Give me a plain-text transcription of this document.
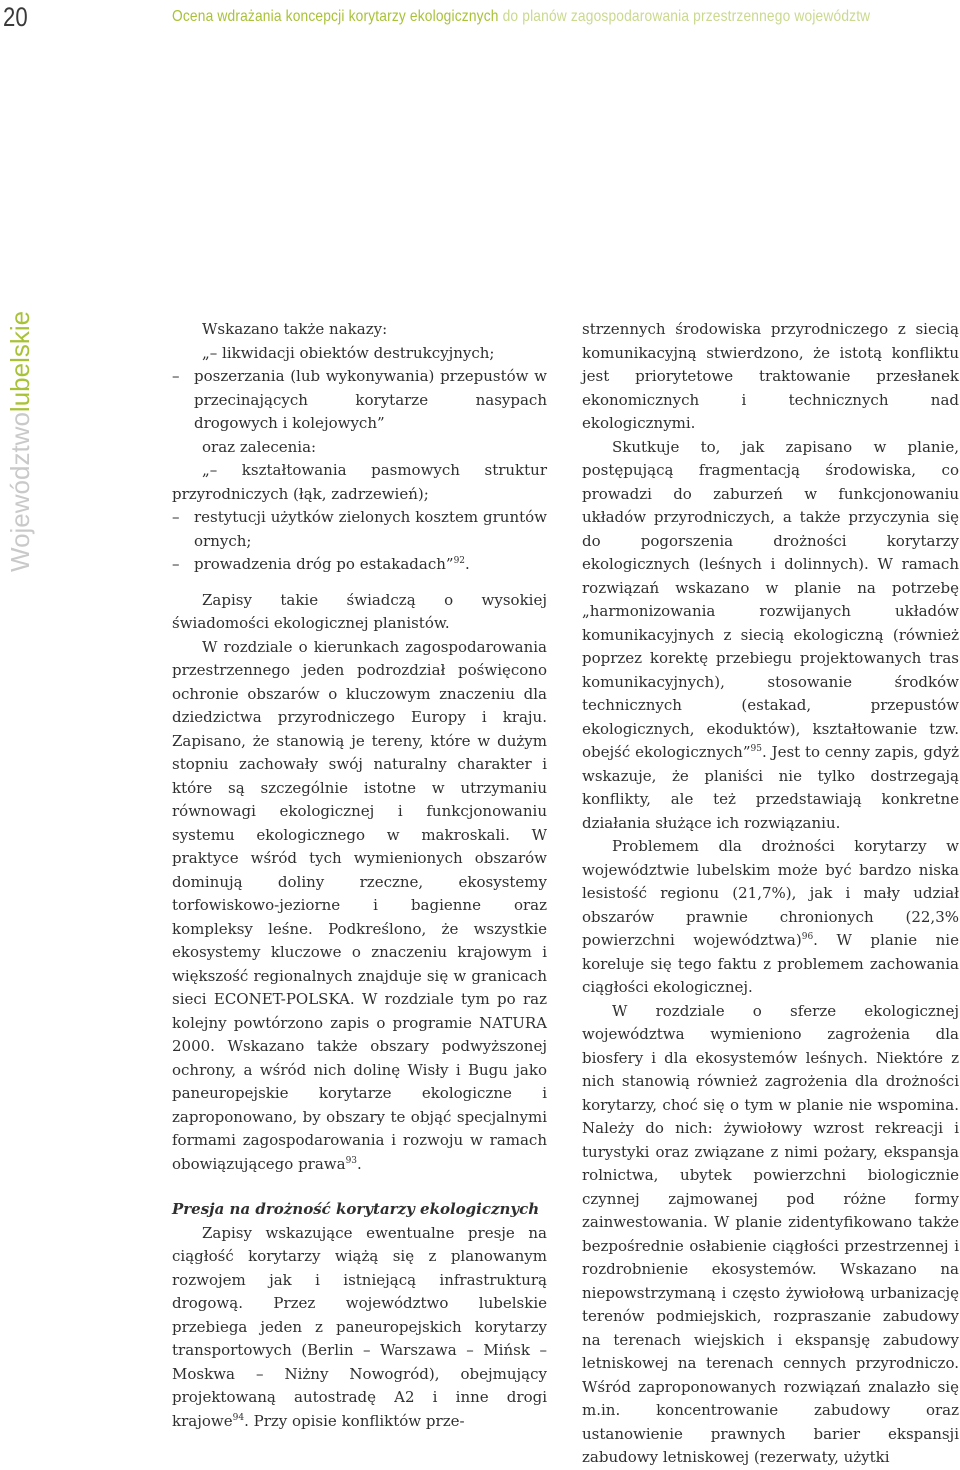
20	Ocena wdrażania koncepcji korytarzy ekologicznych do planów zagospodarowania przestrzennego województw
Województwolubelskie	Wskazano także nakazy:

„– likwidacji obiektów destrukcyjnych;

– poszerzania (lub wykonywania) przepustów w przecinających korytarze nasypach drogowych i kolejowych”

oraz zalecenia:

„– kształtowania pasmowych struktur przyrodniczych (łąk, zadrzewień);

– restytucji użytków zielonych kosztem gruntów ornych;

– prowadzenia dróg po estakadach”$^{92}$.

Zapisy takie świadczą o wysokiej świadomości ekologicznej planistów.

W rozdziale o kierunkach zagospodarowania przestrzennego jeden podrozdział poświęcono ochronie obszarów o kluczowym znaczeniu dla dziedzictwa przyrodniczego Europy i kraju. Zapisano, że stanowią je tereny, które w dużym stopniu zachowały swój naturalny charakter i które są szczególnie istotne w utrzymaniu równowagi ekologicznej i funkcjonowaniu systemu ekologicznego w makroskali. W praktyce wśród tych wymienionych obszarów dominują doliny rzeczne, ekosystemy torfowiskowo-jeziorne i bagienne oraz kompleksy leśne. Podkreślono, że wszystkie ekosystemy kluczowe o znaczeniu krajowym i większość regionalnych znajduje się w granicach sieci ECONET-POLSKA. W rozdziale tym po raz kolejny powtórzono zapis o programie NATURA 2000. Wskazano także obszary podwyższonej ochrony, a wśród nich dolinę Wisły i Bugu jako paneuropejskie korytarze ekologiczne i zaproponowano, by obszary te objąć specjalnymi formami zagospodarowania i rozwoju w ramach obowiązującego prawa$^{93}$.

Presja na drożność korytarzy ekologicznych

Zapisy wskazujące ewentualne presje na ciągłość korytarzy wiążą się z planowanym rozwojem jak i istniejącą infrastrukturą drogową. Przez województwo lubelskie przebiega jeden z paneuropejskich korytarzy transportowych (Berlin – Warszawa – Mińsk – Moskwa – Niżny Nowogród), obejmujący projektowaną autostradę A2 i inne drogi krajowe$^{94}$. Przy opisie konfliktów prze-

strzennych środowiska przyrodniczego z siecią komunikacyjną stwierdzono, że istotą konfliktu jest priorytetowe traktowanie przesłanek ekonomicznych i technicznych nad ekologicznymi.

Skutkuje to, jak zapisano w planie, postępującą fragmentacją środowiska, co prowadzi do zaburzeń w funkcjonowaniu układów przyrodniczych, a także przyczynia się do pogorszenia drożności korytarzy ekologicznych (leśnych i dolinnych). W ramach rozwiązań wskazano w planie na potrzebę „harmonizowania rozwijanych układów komunikacyjnych z siecią ekologiczną (również poprzez korektę przebiegu projektowanych tras komunikacyjnych), stosowanie środków technicznych (estakad, przepustów ekologicznych, ekoduktów), kształtowanie tzw. obejść ekologicznych”$^{95}$. Jest to cenny zapis, gdyż wskazuje, że planiści nie tylko dostrzegają konflikty, ale też przedstawiają konkretne działania służące ich rozwiązaniu.

Problemem dla drożności korytarzy w województwie lubelskim może być bardzo niska lesistość regionu (21,7%), jak i mały udział obszarów prawnie chronionych (22,3% powierzchni województwa)$^{96}$. W planie nie koreluje się tego faktu z problemem zachowania ciągłości ekologicznej.

W rozdziale o sferze ekologicznej województwa wymieniono zagrożenia dla biosfery i dla ekosystemów leśnych. Niektóre z nich stanowią również zagrożenia dla drożności korytarzy, choć się o tym w planie nie wspomina. Należy do nich: żywiołowy wzrost rekreacji i turystyki oraz związane z nimi pożary, ekspansja rolnictwa, ubytek powierzchni biologicznie czynnej zajmowanej pod różne formy zainwestowania. W planie zidentyfikowano także bezpośrednie osłabienie ciągłości przestrzennej i rozdrobnienie ekosystemów. Wskazano na niepowstrzymaną i często żywiołową urbanizację terenów podmiejskich, rozpraszanie zabudowy na terenach wiejskich i ekspansję zabudowy letniskowej na terenach cennych przyrodniczo. Wśród zaproponowanych rozwiązań znalazło się m.in. koncentrowanie zabudowy oraz ustanowienie prawnych barier ekspansji zabudowy letniskowej (rezerwaty, użytki
